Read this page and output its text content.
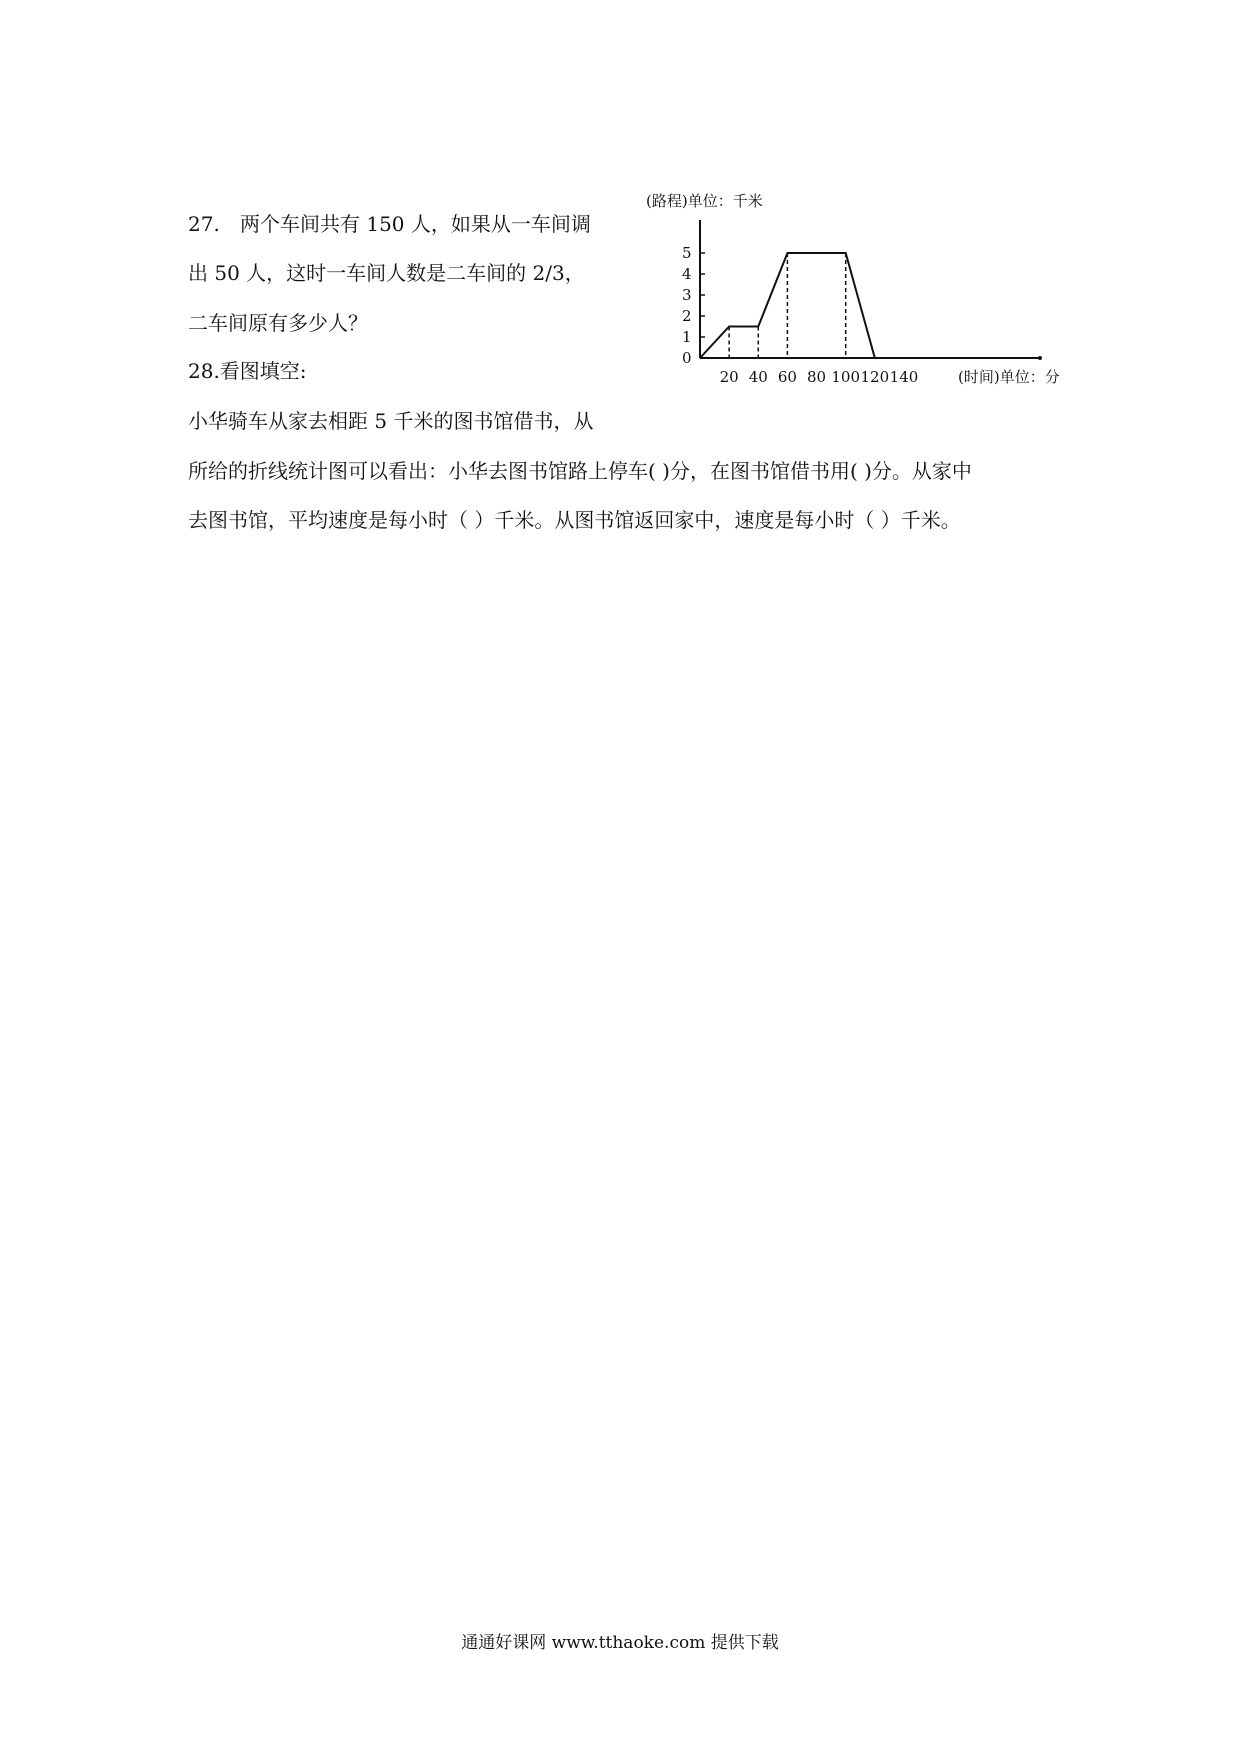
27. 两个车间共有 150 人，如果从一车间调
出 50 人，这时一车间人数是二车间的 2/3，
二车间原有多少人？
28.看图填空:
小华骑车从家去相距 5 千米的图书馆借书，从
所给的折线统计图可以看出：小华去图书馆路上停车( )分，在图书馆借书用( )分。从家中
去图书馆，平均速度是每小时（ ）千米。从图书馆返回家中，速度是每小时（ ）千米。
(路程)单位：千米
0
1
2
3
4
5
20 40 60 80 100 120 140	(时间)单位：分
通通好课网 www.tthaoke.com 提供下载
